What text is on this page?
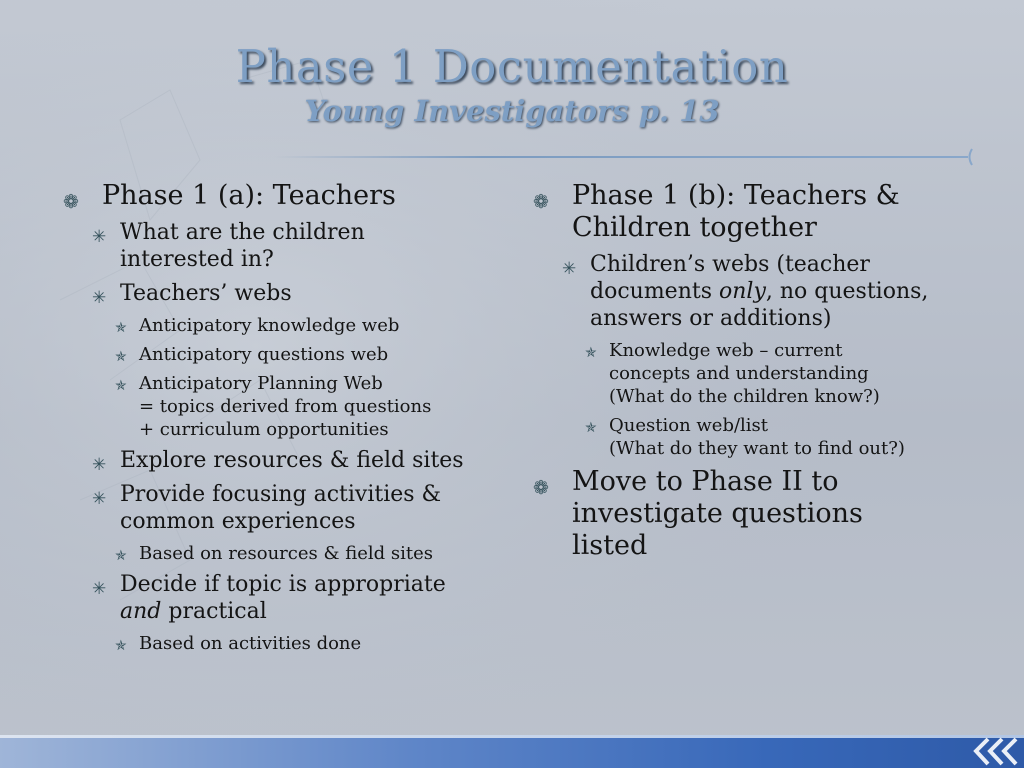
Phase 1 Documentation
Young Investigators p. 13
❁ Phase 1 (a): Teachers
✳ What are the children
interested in?
✳ Teachers’ webs
✯ Anticipatory knowledge web
✯ Anticipatory questions web
✯ Anticipatory Planning Web
= topics derived from questions
+ curriculum opportunities
✳ Explore resources & field sites
✳ Provide focusing activities &
common experiences
✯ Based on resources & field sites
✳ Decide if topic is appropriate
and practical
✯ Based on activities done
❁ Phase 1 (b): Teachers &
Children together
✳ Children’s webs (teacher
documents only, no questions,
answers or additions)
✯ Knowledge web – current
concepts and understanding
(What do the children know?)
✯ Question web/list
(What do they want to find out?)
❁ Move to Phase II to
investigate questions
listed
